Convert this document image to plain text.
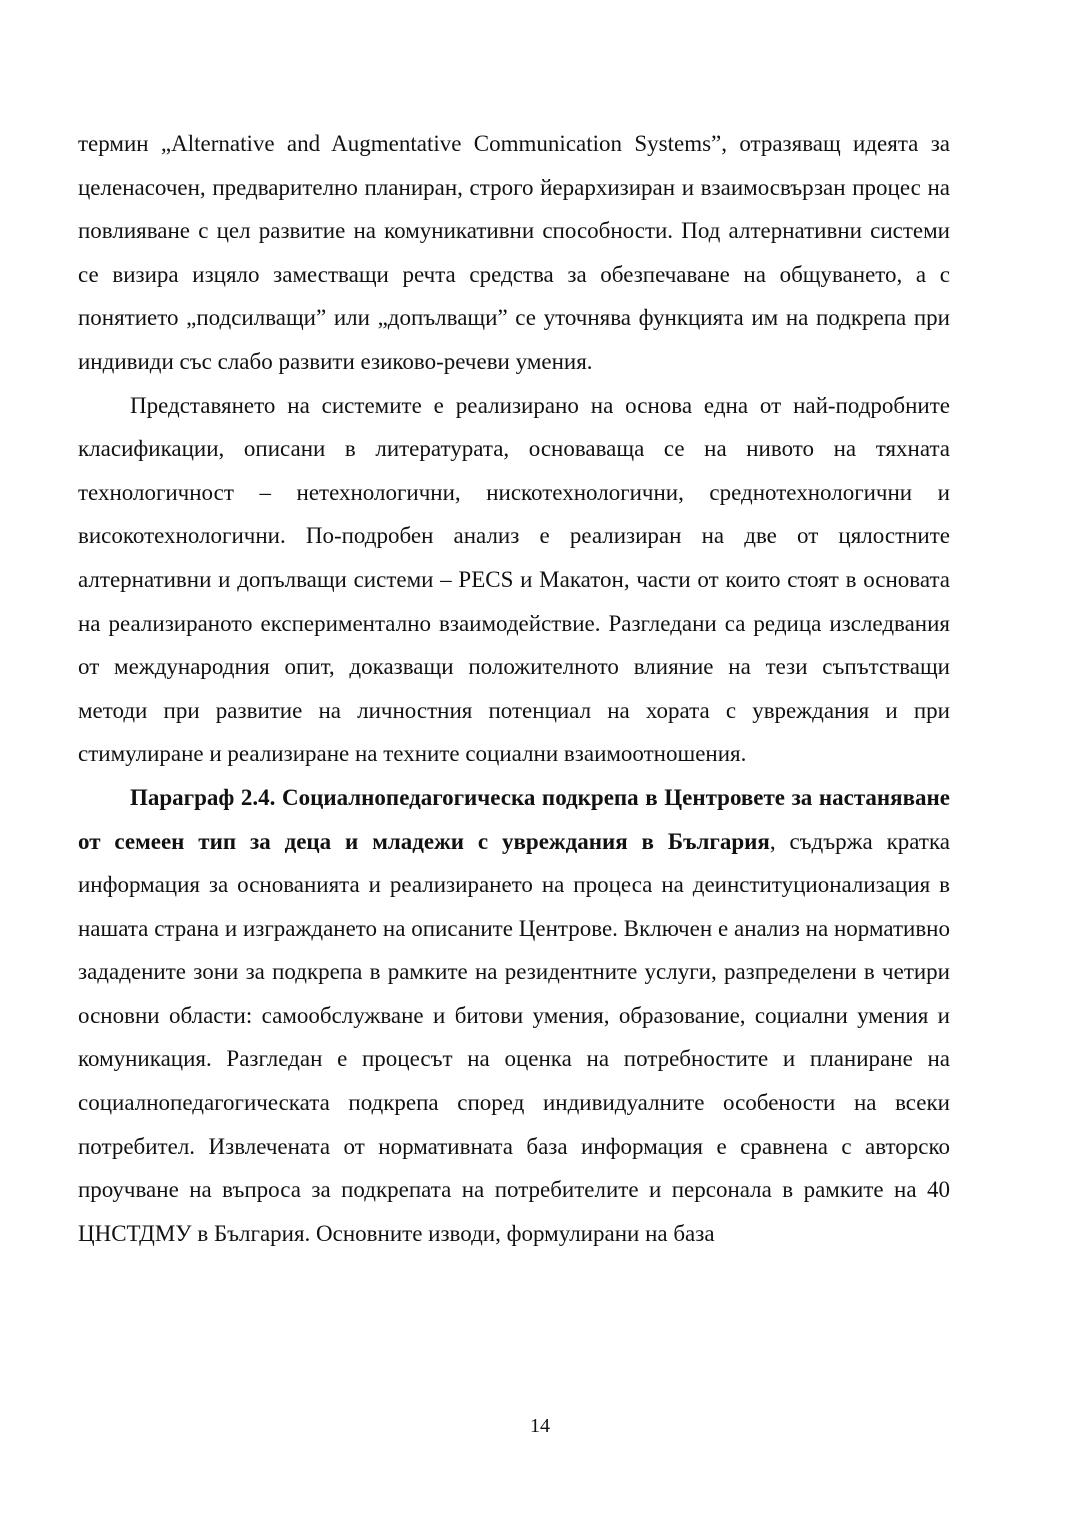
термин „Alternative and Augmentative Communication Systems”, отразяващ идеята за целенасочен, предварително планиран, строго йерархизиран и взаимосвързан процес на повлияване с цел развитие на комуникативни способности. Под алтернативни системи се визира изцяло заместващи речта средства за обезпечаване на общуването, а с понятието „подсилващи” или „допълващи” се уточнява функцията им на подкрепа при индивиди със слабо развити езиково-речеви умения.

Представянето на системите е реализирано на основа една от най-подробните класификации, описани в литературата, основаваща се на нивото на тяхната технологичност – нетехнологични, нискотехнологични, среднотехнологични и високотехнологични. По-подробен анализ е реализиран на две от цялостните алтернативни и допълващи системи – PECS и Макатон, части от които стоят в основата на реализираното експериментално взаимодействие. Разгледани са редица изследвания от международния опит, доказващи положителното влияние на тези съпътстващи методи при развитие на личностния потенциал на хората с увреждания и при стимулиране и реализиране на техните социални взаимоотношения.

Параграф 2.4. Социалнопедагогическа подкрепа в Центровете за настаняване от семеен тип за деца и младежи с увреждания в България, съдържа кратка информация за основанията и реализирането на процеса на деинституционализация в нашата страна и изграждането на описаните Центрове. Включен е анализ на нормативно зададените зони за подкрепа в рамките на резидентните услуги, разпределени в четири основни области: самообслужване и битови умения, образование, социални умения и комуникация. Разгледан е процесът на оценка на потребностите и планиране на социалнопедагогическата подкрепа според индивидуалните особености на всеки потребител. Извлечената от нормативната база информация е сравнена с авторско проучване на въпроса за подкрепата на потребителите и персонала в рамките на 40 ЦНСТДМУ в България. Основните изводи, формулирани на база

14
